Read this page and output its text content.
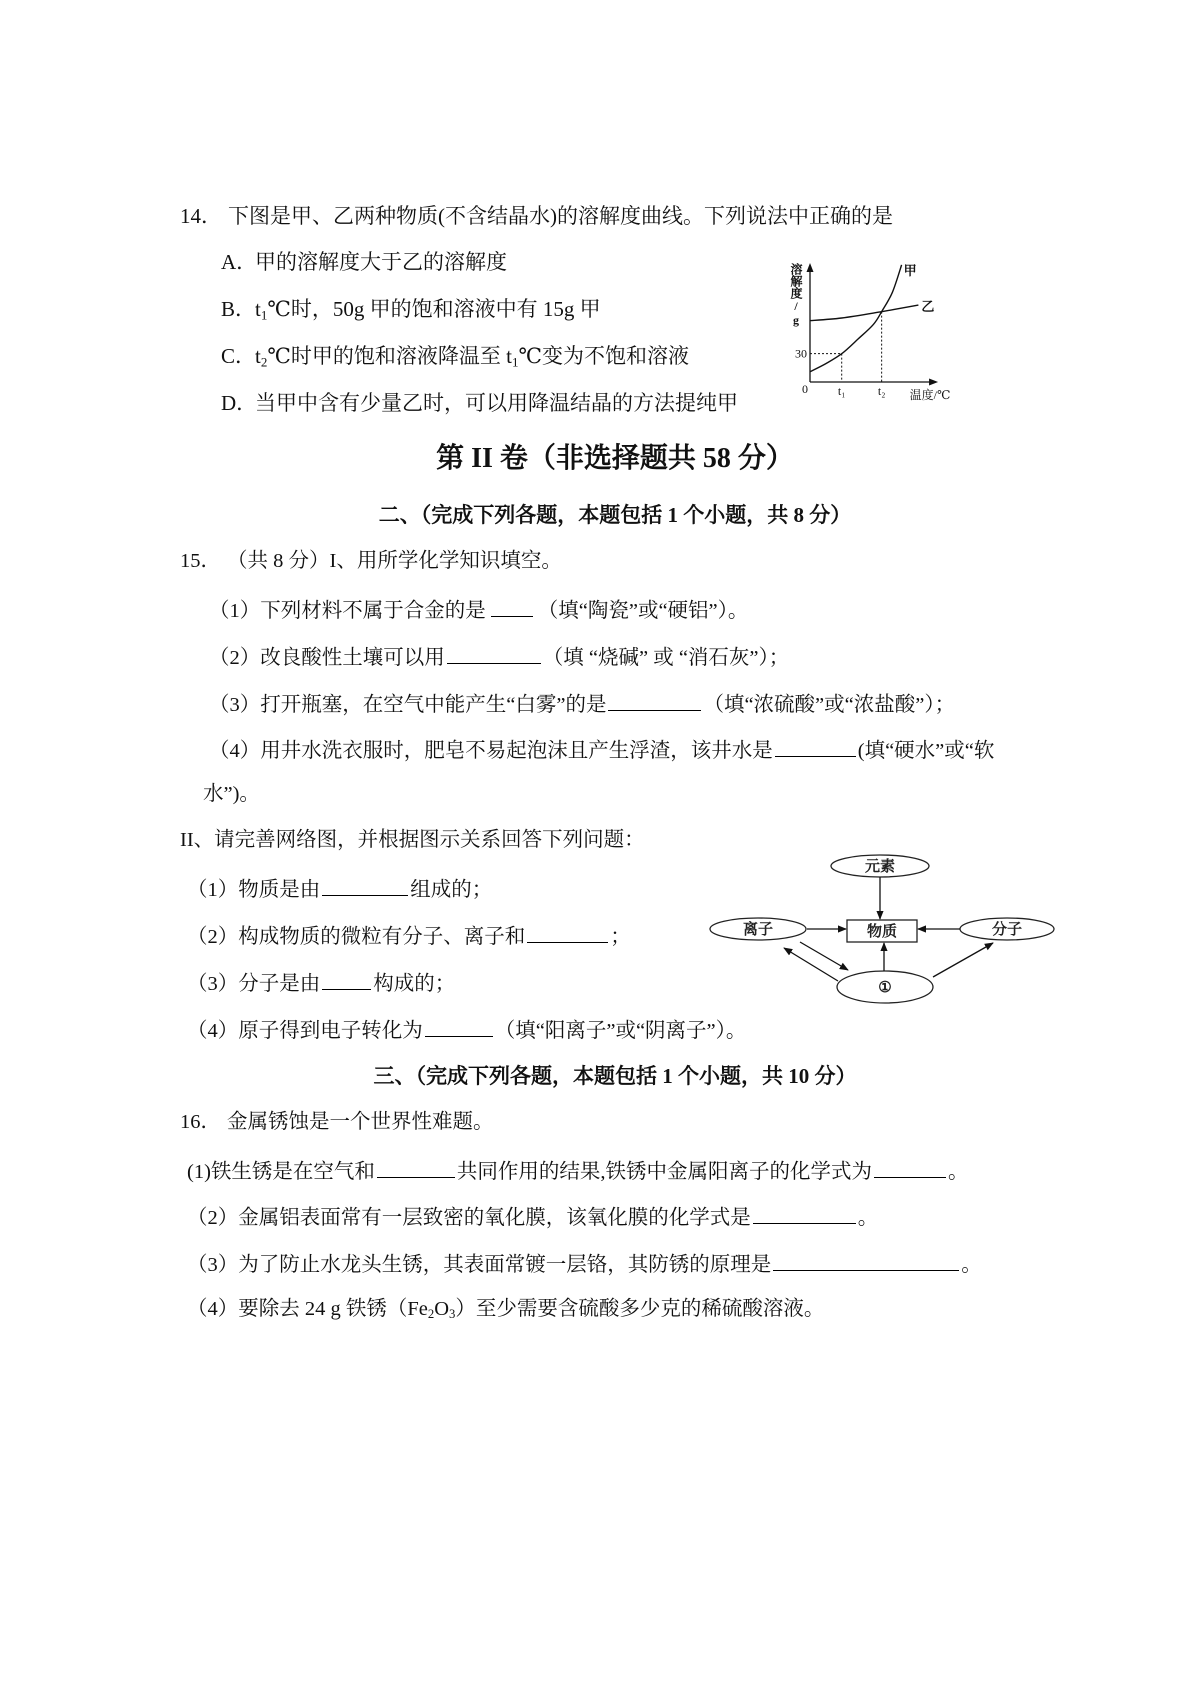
14． 下图是甲、乙两种物质(不含结晶水)的溶解度曲线。下列说法中正确的是
A．甲的溶解度大于乙的溶解度
B．$t_1℃$时，50g 甲的饱和溶液中有 15g 甲
C．$t_2℃$时甲的饱和溶液降温至 $t_1℃$变为不饱和溶液
D．当甲中含有少量乙时，可以用降温结晶的方法提纯甲
甲
乙
30
0 t₁	t₂ 温度/℃
溶解度/g
第 II 卷（非选择题共 58 分）
二、（完成下列各题，本题包括 1 个小题，共 8 分）
15． （共 8 分）I、用所学化学知识填空。
（1）下列材料不属于合金的是	（填“陶瓷”或“硬铝”）。
（2）改良酸性土壤可以用	（填 “烧碱” 或 “消石灰”）；
（3）打开瓶塞，在空气中能产生“白雾”的是	（填“浓硫酸”或“浓盐酸”）；
（4）用井水洗衣服时，肥皂不易起泡沫且产生浮渣，该井水是	(填“硬水”或“软
水”)。
II、请完善网络图，并根据图示关系回答下列问题：
（1）物质是由	组成的；
（2）构成物质的微粒有分子、离子和	；
（3）分子是由	构成的；
（4）原子得到电子转化为	（填“阳离子”或“阴离子”）。
元素
物质
离子	分子
①
三、（完成下列各题，本题包括 1 个小题，共 10 分）
16． 金属锈蚀是一个世界性难题。
(1)铁生锈是在空气和	共同作用的结果,铁锈中金属阳离子的化学式为	。
（2）金属铝表面常有一层致密的氧化膜，该氧化膜的化学式是	。
（3）为了防止水龙头生锈，其表面常镀一层铬，其防锈的原理是	。
（4）要除去 24 g 铁锈$(Fe_2O_3)$至少需要含硫酸多少克的稀硫酸溶液。
